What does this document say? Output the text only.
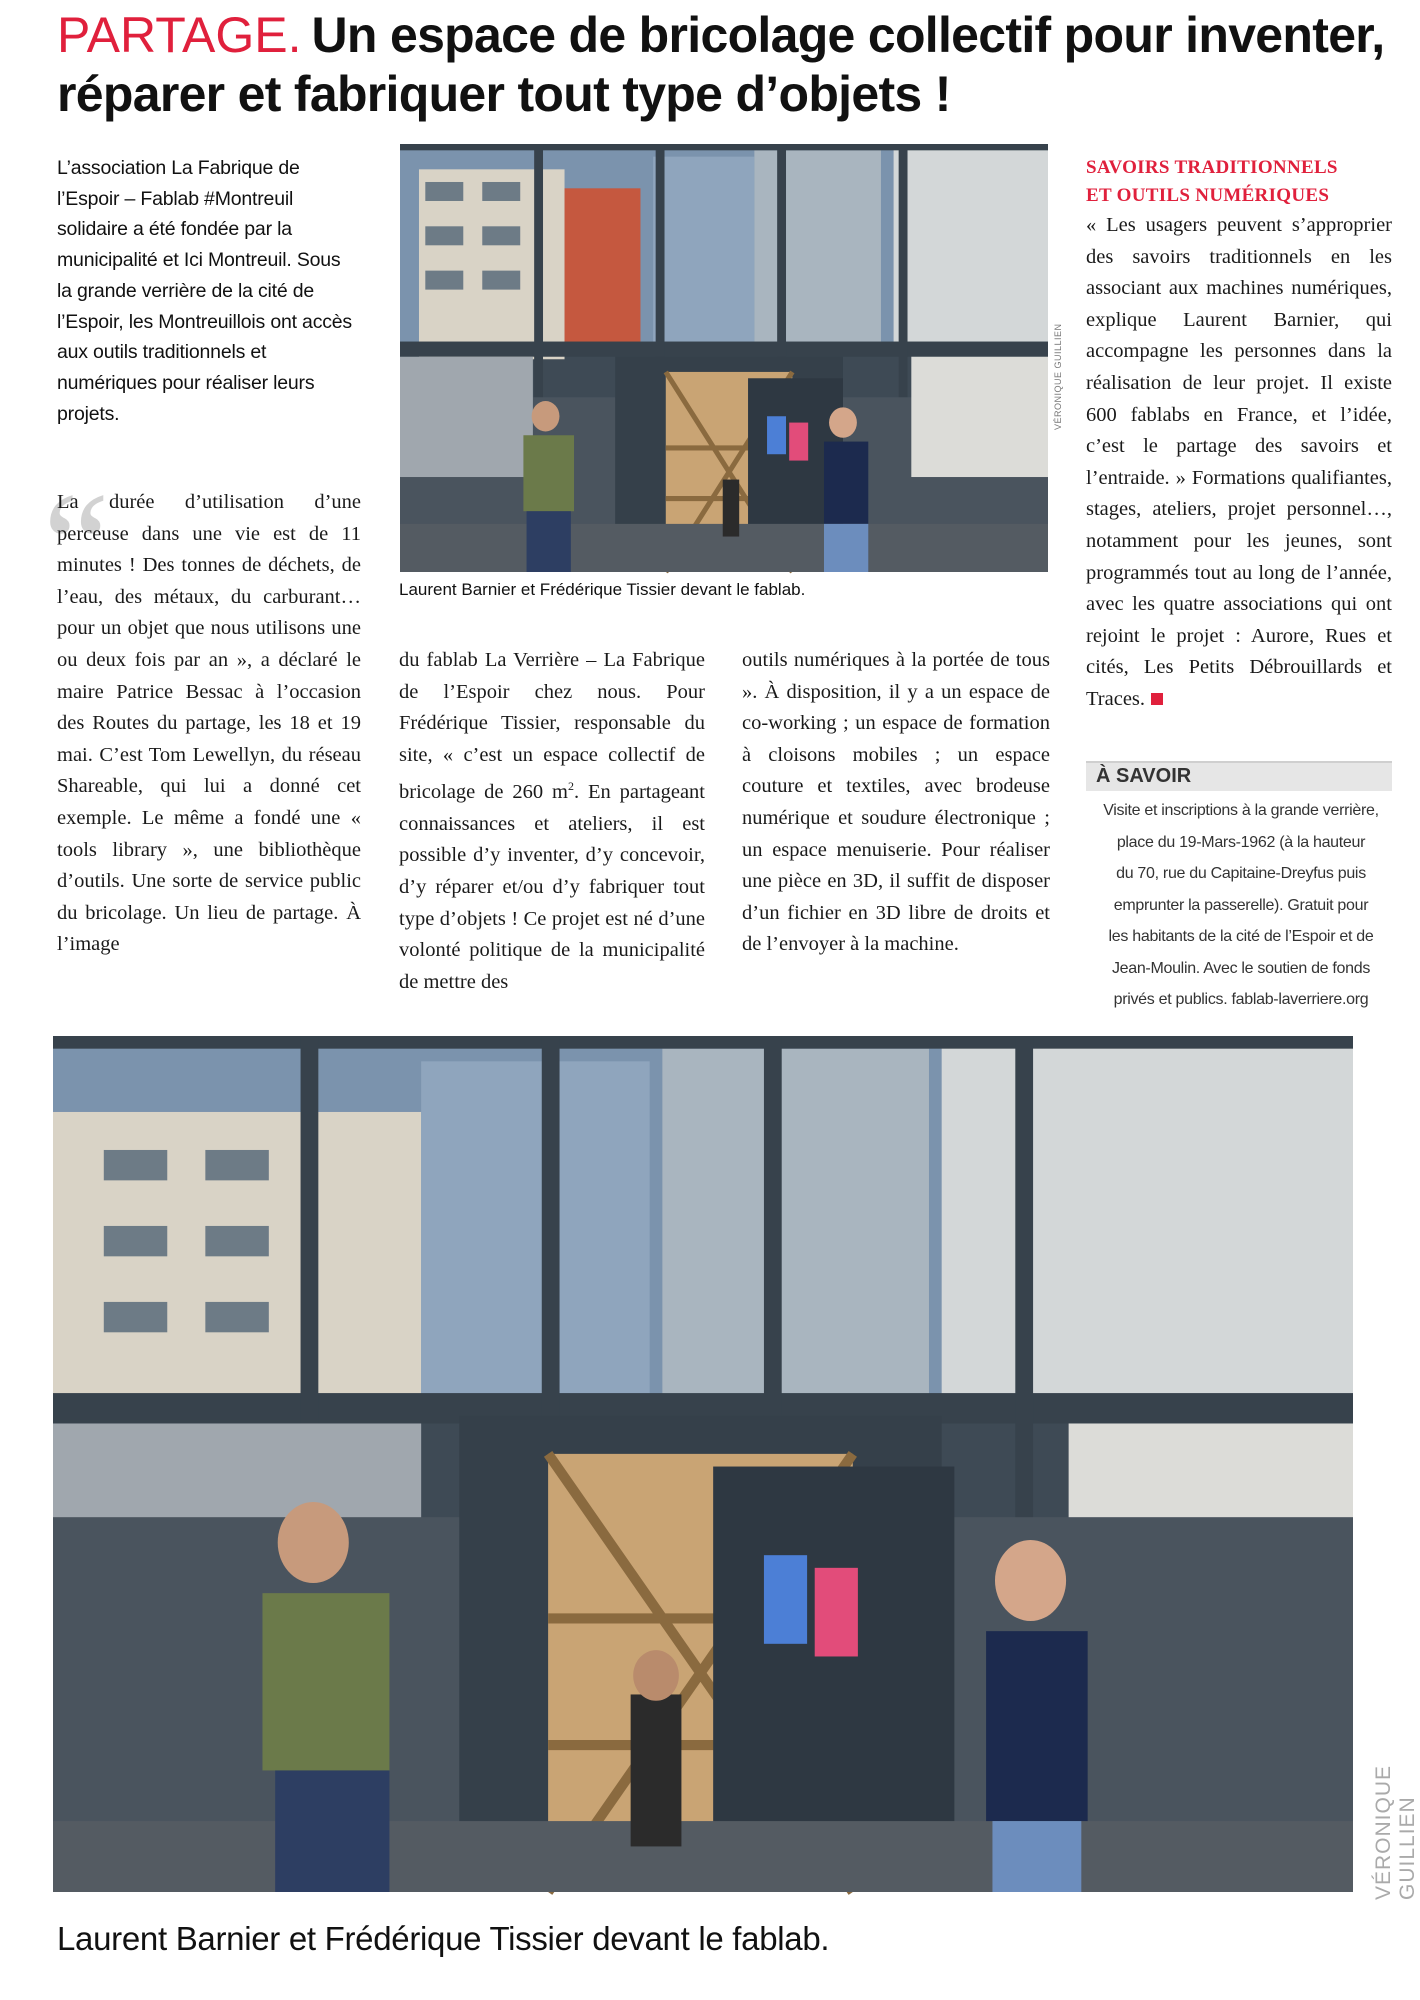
PARTAGE. Un espace de bricolage collectif pour inventer, réparer et fabriquer tout type d’objets !
L’association La Fabrique de l’Espoir – Fablab #Montreuil solidaire a été fondée par la municipalité et Ici Montreuil. Sous la grande verrière de la cité de l’Espoir, les Montreuillois ont accès aux outils traditionnels et numériques pour réaliser leurs projets.	VÉRONIQUE GUILLIEN
Laurent Barnier et Frédérique Tissier devant le fablab.
“
La durée d’utilisation d’une perceuse dans une vie est de 11 minutes ! Des tonnes de déchets, de l’eau, des métaux, du carburant… pour un objet que nous utilisons une ou deux fois par an », a déclaré le maire Patrice Bessac à l’occasion des Routes du partage, les 18 et 19 mai. C’est Tom Lewellyn, du réseau Shareable, qui lui a donné cet exemple. Le même a fondé une « tools library », une bibliothèque d’outils. Une sorte de service public du bricolage. Un lieu de partage. À l’image
du fablab La Verrière – La Fabrique de l’Espoir chez nous. Pour Frédérique Tissier, responsable du site, « c’est un espace collectif de bricolage de 260 $m^2$. En partageant connaissances et ateliers, il est possible d’y inventer, d’y concevoir, d’y réparer et/ou d’y fabriquer tout type d’objets ! Ce projet est né d’une volonté politique de la municipalité de mettre des
outils numériques à la portée de tous ». À disposition, il y a un espace de co-working ; un espace de formation à cloisons mobiles ; un espace couture et textiles, avec brodeuse numérique et soudure électronique ; un espace menuiserie. Pour réaliser une pièce en 3D, il suffit de disposer d’un fichier en 3D libre de droits et de l’envoyer à la machine.
SAVOIRS TRADITIONNELS
ET OUTILS NUMÉRIQUES
« Les usagers peuvent s’approprier des savoirs traditionnels en les associant aux machines numériques, explique Laurent Barnier, qui accompagne les personnes dans la réalisation de leur projet. Il existe 600 fablabs en France, et l’idée, c’est le partage des savoirs et l’entraide. » Formations qualifiantes, stages, ateliers, projet personnel…, notamment pour les jeunes, sont programmés tout au long de l’année, avec les quatre associations qui ont rejoint le projet : Aurore, Rues et cités, Les Petits Débrouillards et Traces.
À SAVOIR
Visite et inscriptions à la grande verrière,
place du 19-Mars-1962 (à la hauteur
du 70, rue du Capitaine-Dreyfus puis
emprunter la passerelle). Gratuit pour
les habitants de la cité de l’Espoir et de
Jean-Moulin. Avec le soutien de fonds
privés et publics. fablab-laverriere.org
VÉRONIQUE GUILLIEN
Laurent Barnier et Frédérique Tissier devant le fablab.
